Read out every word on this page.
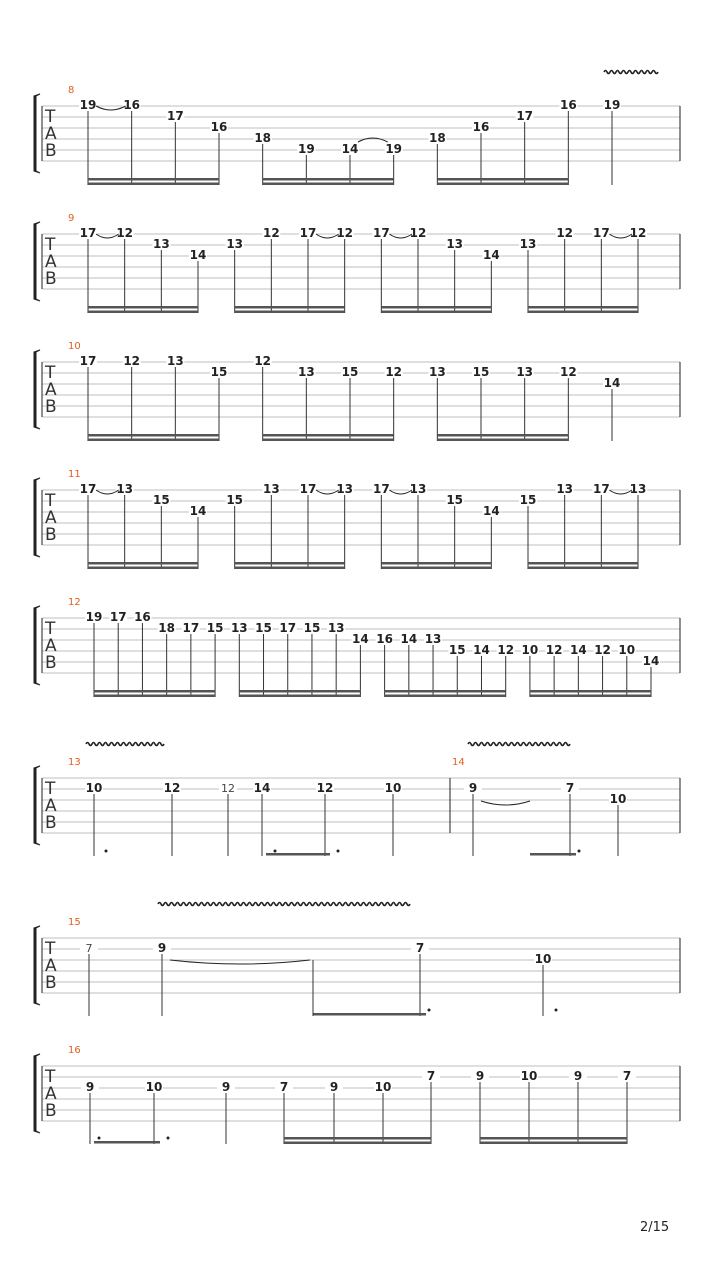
T
A
B
8
19 16
17
16
18
19 14 19
18
16
17
16 19
T
A
B
9
17 12
13
14
13
12 17 12 17 12
13
14
13
12 17 12
T
A
B
10
17 12 13
15
12
13 15 12 13 15 13 12
14
T
A
B
11
17 13
15
14
15
13 17 13 17 13
15
14
15
13 17 13
T
A
B
12
19 17 16
18 17 15 13 15 17 15 13
14 16 14 13
15 14 12 10 12 14 12 10
14
T
A
B
13	14
10	12	12 14	12	10	9	7
10
T
A
B
15
7	9	7
10
T
A
B
16
9	10	9	7	9	10
7	9	10	9	7
2/15
